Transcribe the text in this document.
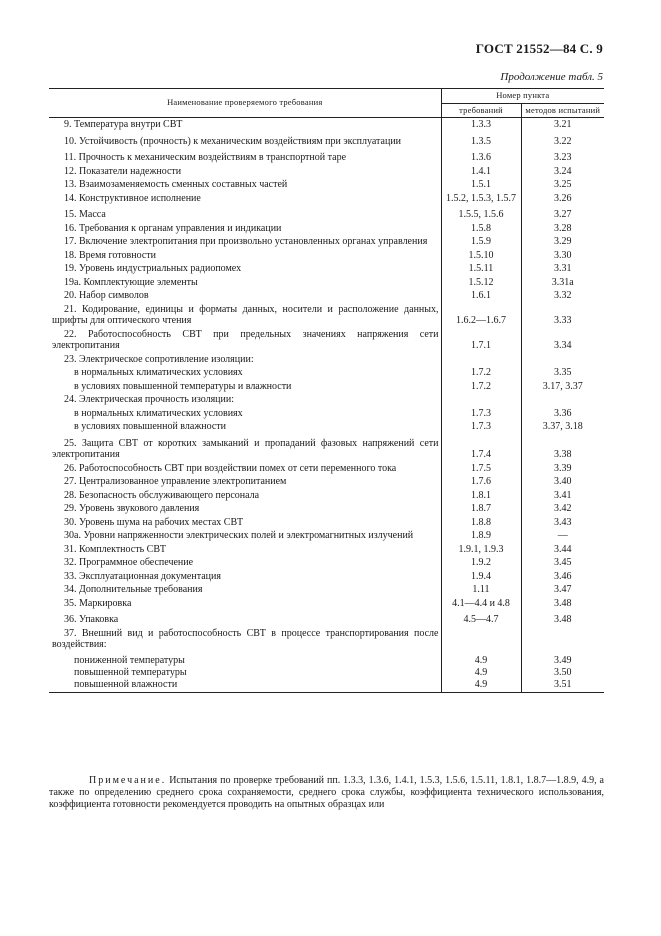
ГОСТ 21552—84 С. 9
Продолжение табл. 5
Наименование проверяемого требования	Номер пункта	
	требований	методов испытаний

9. Температура внутри СВТ	1.3.3	3.21

10. Устойчивость (прочность) к механическим воздействиям при эксплуатации	1.3.5	3.22

11. Прочность к механическим воздействиям в транспортной таре	1.3.6	3.23

12. Показатели надежности	1.4.1	3.24

13. Взаимозаменяемость сменных составных частей	1.5.1	3.25

14. Конструктивное исполнение	1.5.2, 1.5.3, 1.5.7	3.26

15. Масса	1.5.5, 1.5.6	3.27

16. Требования к органам управления и индикации	1.5.8	3.28

17. Включение электропитания при произвольно установленных органах управления	1.5.9	3.29

18. Время готовности	1.5.10	3.30

19. Уровень индустриальных радиопомех	1.5.11	3.31

19а. Комплектующие элементы	1.5.12	3.31а

20. Набор символов	1.6.1	3.32

21. Кодирование, единицы и форматы данных, носители и расположение данных, шрифты для оптического чтения	1.6.2—1.6.7	3.33

22. Работоспособность СВТ при предельных значениях напряжения сети электропитания	1.7.1	3.34

23. Электрическое сопротивление изоляции:		

в нормальных климатических условиях	1.7.2	3.35

в условиях повышенной температуры и влажности	1.7.2	3.17, 3.37

24. Электрическая прочность изоляции:		

в нормальных климатических условиях	1.7.3	3.36

в условиях повышенной влажности	1.7.3	3.37, 3.18

25. Защита СВТ от коротких замыканий и пропаданий фазовых напряжений сети электропитания	1.7.4	3.38

26. Работоспособность СВТ при воздействии помех от сети переменного тока	1.7.5	3.39

27. Централизованное управление электропитанием	1.7.6	3.40

28. Безопасность обслуживающего персонала	1.8.1	3.41

29. Уровень звукового давления	1.8.7	3.42

30. Уровень шума на рабочих местах СВТ	1.8.8	3.43

30а. Уровни напряженности электрических полей и электромагнитных излучений	1.8.9	—

31. Комплектность СВТ	1.9.1, 1.9.3	3.44

32. Программное обеспечение	1.9.2	3.45

33. Эксплуатационная документация	1.9.4	3.46

34. Дополнительные требования	1.11	3.47

35. Маркировка	4.1—4.4 и 4.8	3.48

36. Упаковка	4.5—4.7	3.48

37. Внешний вид и работоспособность СВТ в процессе транспортирования после воздействия:		

пониженной температуры	4.9	3.49

повышенной температуры	4.9	3.50

повышенной влажности	4.9	3.51
Примечание. Испытания по проверке требований пп. 1.3.3, 1.3.6, 1.4.1, 1.5.3, 1.5.6, 1.5.11, 1.8.1, 1.8.7—1.8.9, 4.9, а также по определению среднего срока сохраняемости, среднего срока службы, коэффициента технического использования, коэффициента готовности рекомендуется проводить на опытных образцах или
